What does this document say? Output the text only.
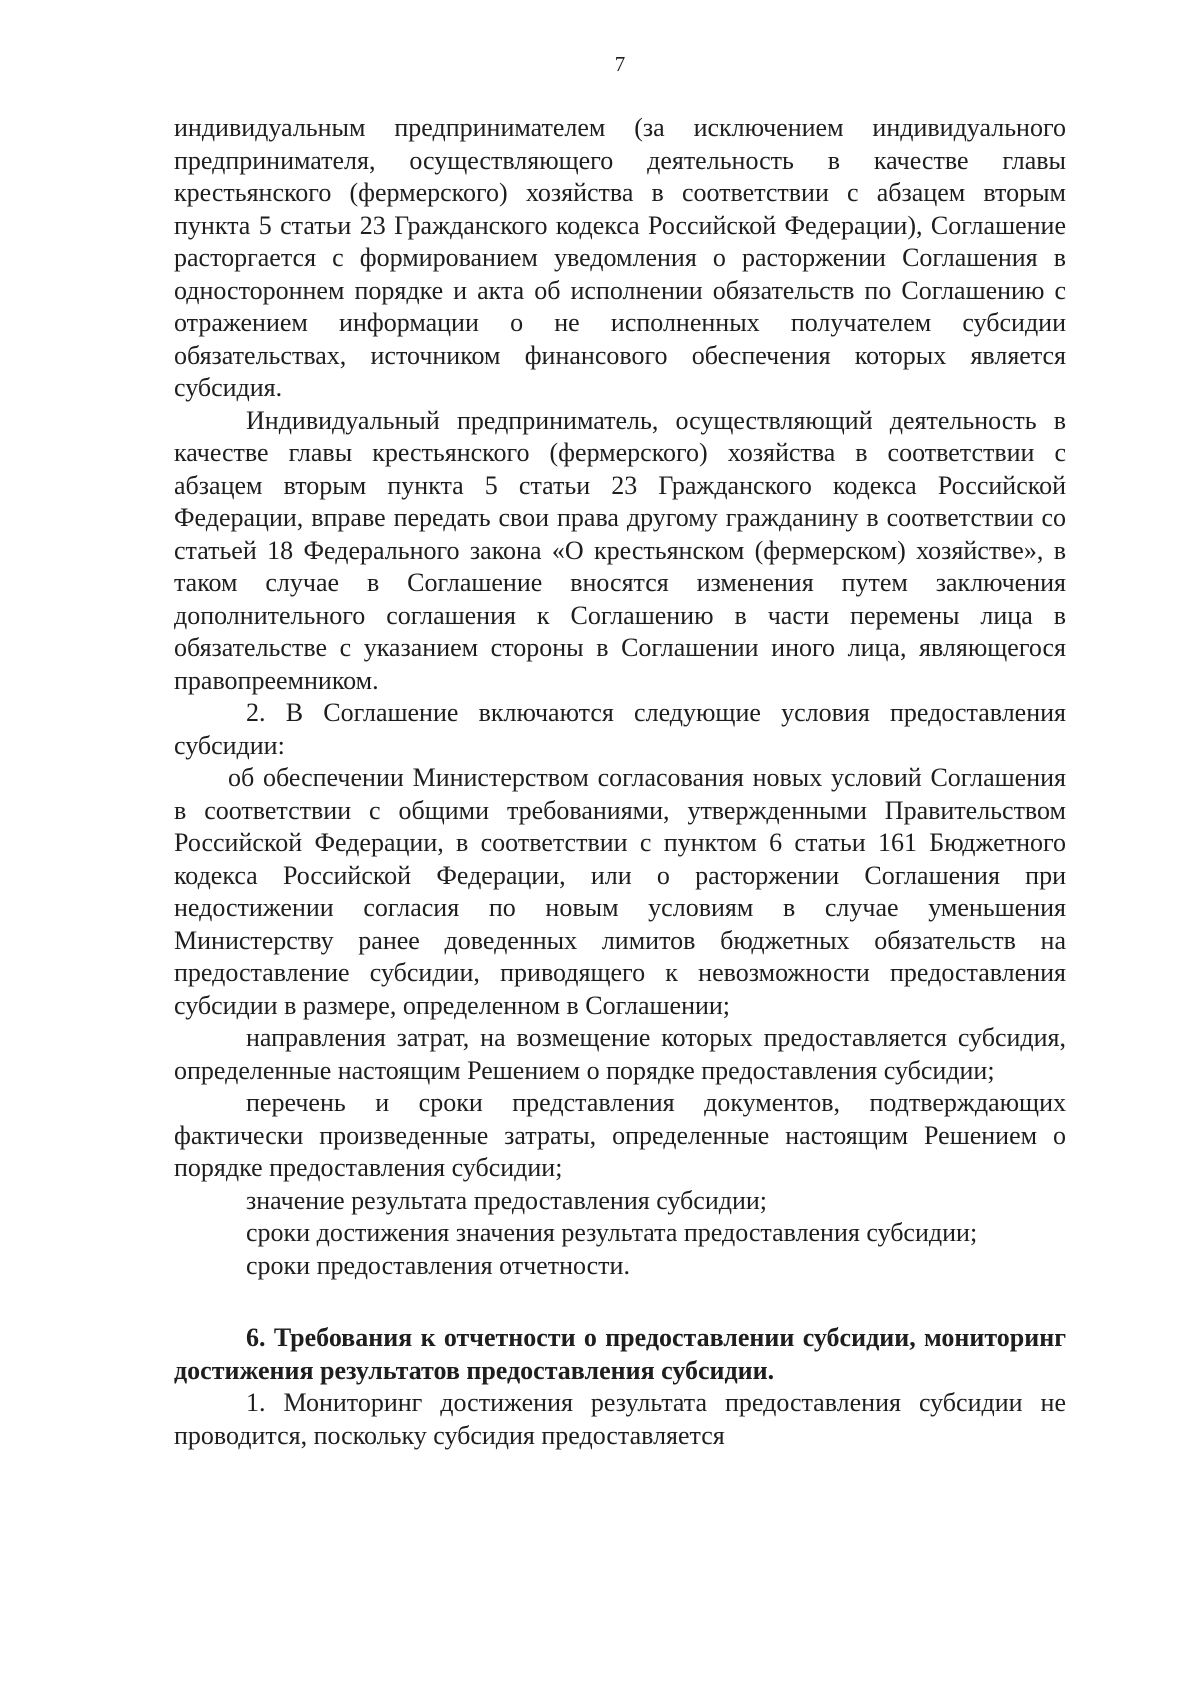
7

индивидуальным предпринимателем (за исключением индивидуального предпринимателя, осуществляющего деятельность в качестве главы крестьянского (фермерского) хозяйства в соответствии с абзацем вторым пункта 5 статьи 23 Гражданского кодекса Российской Федерации), Соглашение расторгается с формированием уведомления о расторжении Соглашения в одностороннем порядке и акта об исполнении обязательств по Соглашению с отражением информации о не исполненных получателем субсидии обязательствах, источником финансового обеспечения которых является субсидия.

Индивидуальный предприниматель, осуществляющий деятельность в качестве главы крестьянского (фермерского) хозяйства в соответствии с абзацем вторым пункта 5 статьи 23 Гражданского кодекса Российской Федерации, вправе передать свои права другому гражданину в соответствии со статьей 18 Федерального закона «О крестьянском (фермерском) хозяйстве», в таком случае в Соглашение вносятся изменения путем заключения дополнительного соглашения к Соглашению в части перемены лица в обязательстве с указанием стороны в Соглашении иного лица, являющегося правопреемником.

2. В Соглашение включаются следующие условия предоставления субсидии:

об обеспечении Министерством согласования новых условий Соглашения в соответствии с общими требованиями, утвержденными Правительством Российской Федерации, в соответствии с пунктом 6 статьи 161 Бюджетного кодекса Российской Федерации, или о расторжении Соглашения при недостижении согласия по новым условиям в случае уменьшения Министерству ранее доведенных лимитов бюджетных обязательств на предоставление субсидии, приводящего к невозможности предоставления субсидии в размере, определенном в Соглашении;

направления затрат, на возмещение которых предоставляется субсидия, определенные настоящим Решением о порядке предоставления субсидии;

перечень и сроки представления документов, подтверждающих фактически произведенные затраты, определенные настоящим Решением о порядке предоставления субсидии;

значение результата предоставления субсидии;

сроки достижения значения результата предоставления субсидии;

сроки предоставления отчетности.

6. Требования к отчетности о предоставлении субсидии, мониторинг достижения результатов предоставления субсидии.

1. Мониторинг достижения результата предоставления субсидии не проводится, поскольку субсидия предоставляется
